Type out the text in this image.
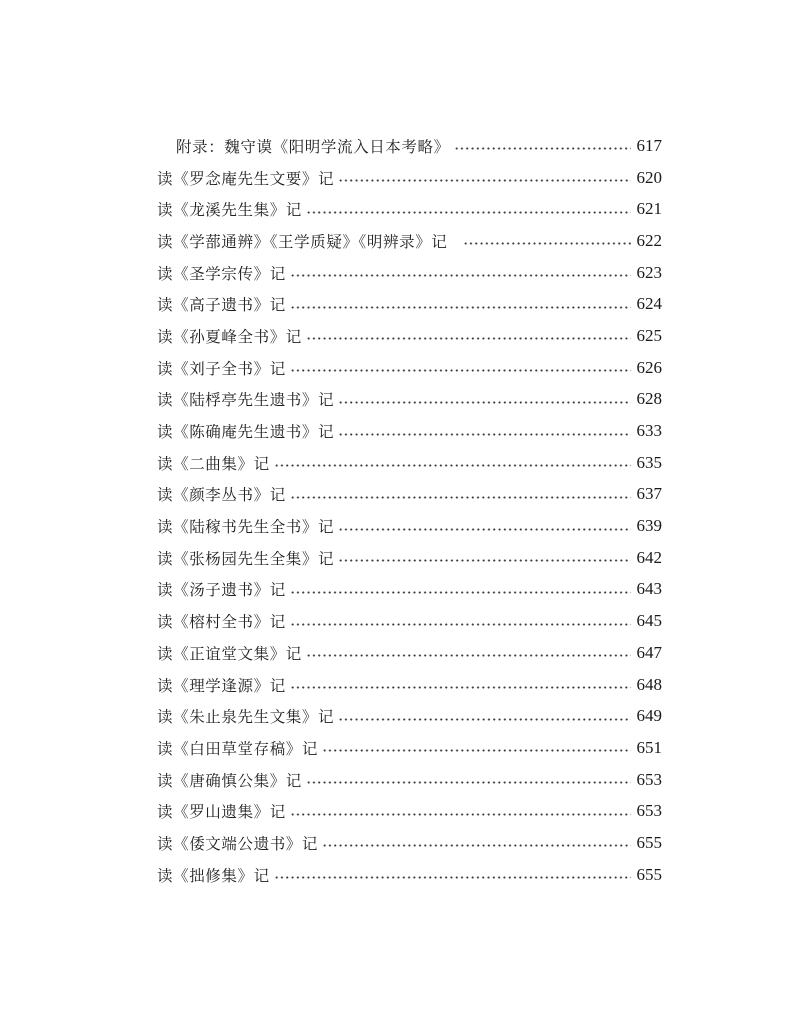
附录：魏守谟《阳明学流入日本考略》	617
读《罗念庵先生文要》记	620
读《龙溪先生集》记	621
读《学蔀通辨》《王学质疑》《明辨录》记	622
读《圣学宗传》记	623
读《高子遗书》记	624
读《孙夏峰全书》记	625
读《刘子全书》记	626
读《陆桴亭先生遗书》记	628
读《陈确庵先生遗书》记	633
读《二曲集》记	635
读《颜李丛书》记	637
读《陆稼书先生全书》记	639
读《张杨园先生全集》记	642
读《汤子遗书》记	643
读《榕村全书》记	645
读《正谊堂文集》记	647
读《理学逢源》记	648
读《朱止泉先生文集》记	649
读《白田草堂存稿》记	651
读《唐确慎公集》记	653
读《罗山遗集》记	653
读《倭文端公遗书》记	655
读《拙修集》记	655
